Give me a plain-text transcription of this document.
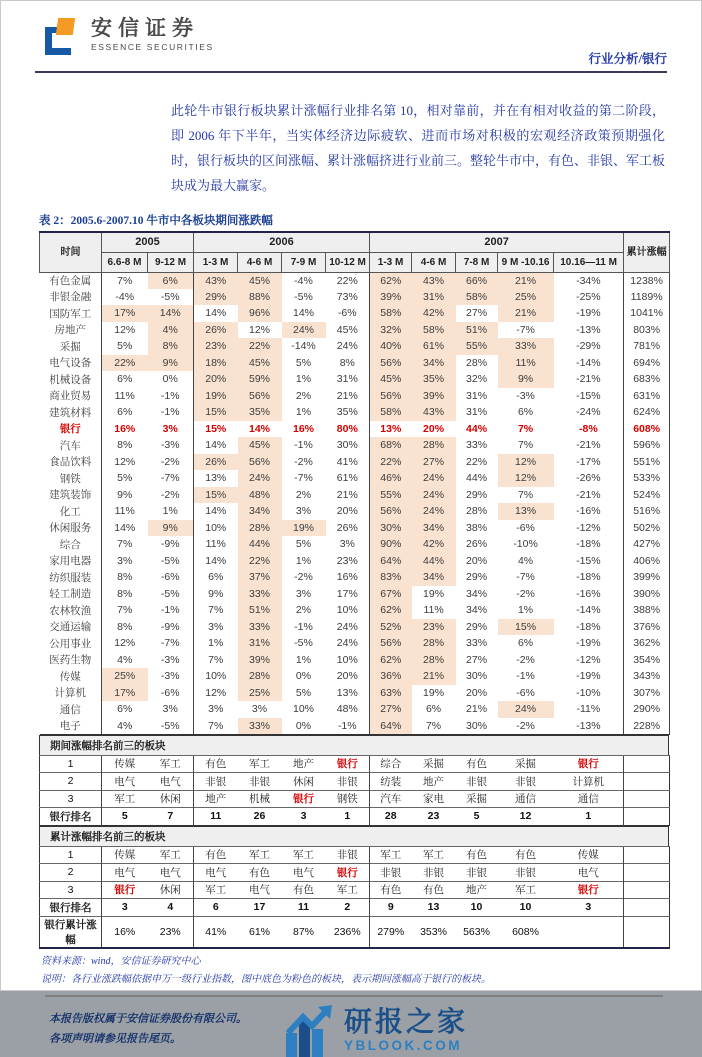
安信证券
ESSENCE SECURITIES
行业分析/银行

此轮牛市银行板块累计涨幅行业排名第 10，相对靠前，并在有相对收益的第二阶段，即 2006 年下半年，当实体经济边际疲软、进而市场对积极的宏观经济政策预期强化时，银行板块的区间涨幅、累计涨幅挤进行业前三。整轮牛市中，有色、非银、军工板块成为最大赢家。

表 2：2005.6-2007.10 牛市中各板块期间涨跌幅
时间	2005		2006				2007					累计涨幅
	6.6-8 M	9-12 M	1-3 M	4-6 M	7-9 M	10-12 M	1-3 M	4-6 M	7-8 M	9 M -10.16	10.16—11 M	
有色金属	7%	6%	43%	45%	-4%	22%	62%	43%	66%	21%	-34%	1238%
非银金融	-4%	-5%	29%	88%	-5%	73%	39%	31%	58%	25%	-25%	1189%
国防军工	17%	14%	14%	96%	14%	-6%	58%	42%	27%	21%	-19%	1041%
房地产	12%	4%	26%	12%	24%	45%	32%	58%	51%	-7%	-13%	803%
采掘	5%	8%	23%	22%	-14%	24%	40%	61%	55%	33%	-29%	781%
电气设备	22%	9%	18%	45%	5%	8%	56%	34%	28%	11%	-14%	694%
机械设备	6%	0%	20%	59%	1%	31%	45%	35%	32%	9%	-21%	683%
商业贸易	11%	-1%	19%	56%	2%	21%	56%	39%	31%	-3%	-15%	631%
建筑材料	6%	-1%	15%	35%	1%	35%	58%	43%	31%	6%	-24%	624%
银行	16%	3%	15%	14%	16%	80%	13%	20%	44%	7%	-8%	608%
汽车	8%	-3%	14%	45%	-1%	30%	68%	28%	33%	7%	-21%	596%
食品饮料	12%	-2%	26%	56%	-2%	41%	22%	27%	22%	12%	-17%	551%
钢铁	5%	-7%	13%	24%	-7%	61%	46%	24%	44%	12%	-26%	533%
建筑装饰	9%	-2%	15%	48%	2%	21%	55%	24%	29%	7%	-21%	524%
化工	11%	1%	14%	34%	3%	20%	56%	24%	28%	13%	-16%	516%
休闲服务	14%	9%	10%	28%	19%	26%	30%	34%	38%	-6%	-12%	502%
综合	7%	-9%	11%	44%	5%	3%	90%	42%	26%	-10%	-18%	427%
家用电器	3%	-5%	14%	22%	1%	23%	64%	44%	20%	4%	-15%	406%
纺织服装	8%	-6%	6%	37%	-2%	16%	83%	34%	29%	-7%	-18%	399%
轻工制造	8%	-5%	9%	33%	3%	17%	67%	19%	34%	-2%	-16%	390%
农林牧渔	7%	-1%	7%	51%	2%	10%	62%	11%	34%	1%	-14%	388%
交通运输	8%	-9%	3%	33%	-1%	24%	52%	23%	29%	15%	-18%	376%
公用事业	12%	-7%	1%	31%	-5%	24%	56%	28%	33%	6%	-19%	362%
医药生物	4%	-3%	7%	39%	1%	10%	62%	28%	27%	-2%	-12%	354%
传媒	25%	-3%	10%	28%	0%	20%	36%	21%	30%	-1%	-19%	343%
计算机	17%	-6%	12%	25%	5%	13%	63%	19%	20%	-6%	-10%	307%
通信	6%	3%	3%	3%	10%	48%	27%	6%	21%	24%	-11%	290%
电子	4%	-5%	7%	33%	0%	-1%	64%	7%	30%	-2%	-13%	228%
期间涨幅排名前三的板块
1	传媒	军工	有色	军工	地产	银行	综合	采掘	有色	采掘	银行	
2	电气	电气	非银	非银	休闲	非银	纺装	地产	非银	非银	计算机	
3	军工	休闲	地产	机械	银行	钢铁	汽车	家电	采掘	通信	通信	
银行排名	5	7	11	26	3	1	28	23	5	12	1	
累计涨幅排名前三的板块
1	传媒	军工	有色	军工	军工	非银	军工	军工	有色	有色	传媒	
2	电气	电气	电气	有色	电气	银行	非银	非银	非银	非银	电气	
3	银行	休闲	军工	电气	有色	军工	有色	有色	地产	军工	银行	
银行排名	3	4	6	17	11	2	9	13	10	10	3	
银行累计涨幅	16%	23%	41%	61%	87%	236%	279%	353%	563%	608%		
资料来源：wind，安信证券研究中心
说明：各行业涨跌幅依据申万一级行业指数，图中底色为粉色的板块，表示期间涨幅高于银行的板块。
本报告版权属于安信证券股份有限公司。
各项声明请参见报告尾页。
研报之家
YBLOOK.COM
